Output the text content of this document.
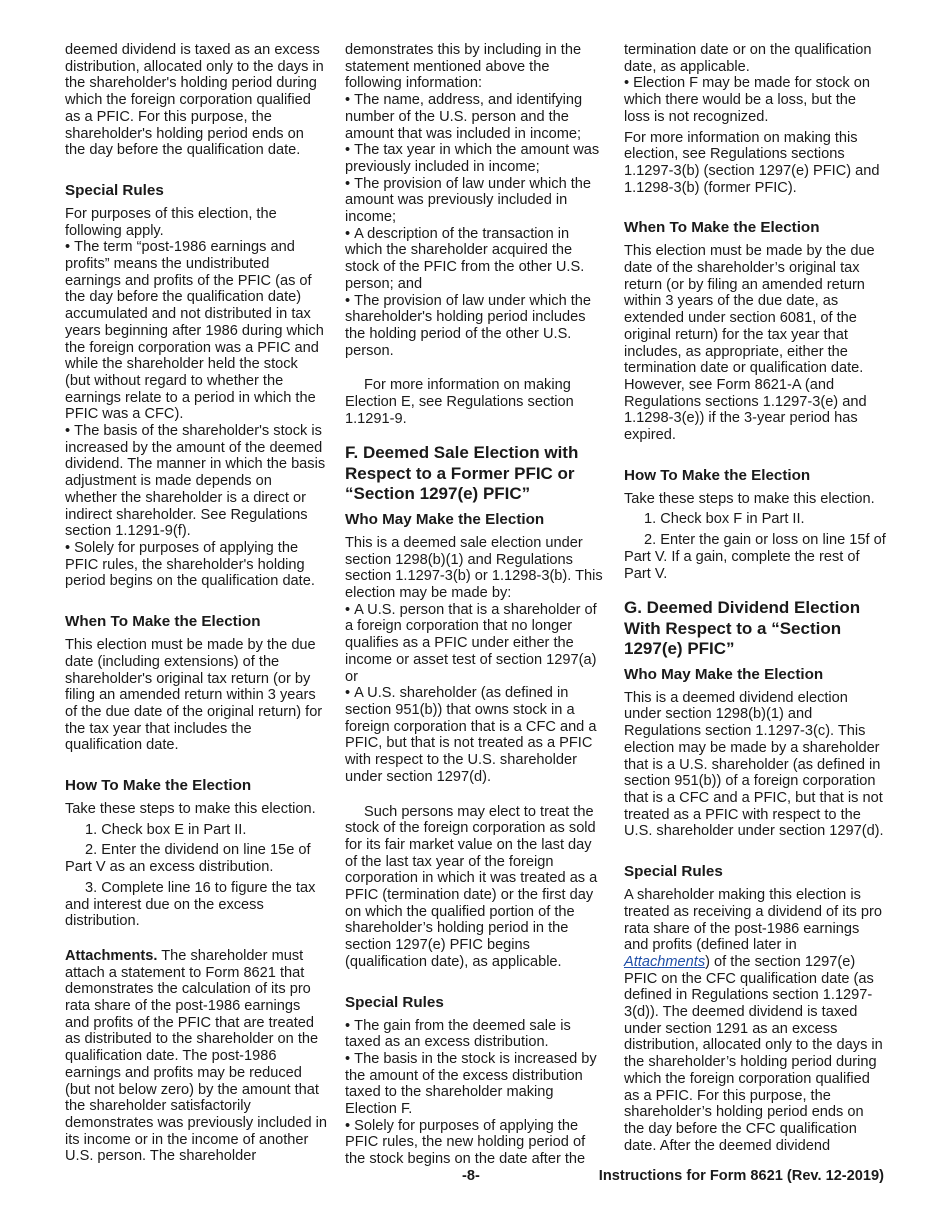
deemed dividend is taxed as an excess distribution, allocated only to the days in the shareholder's holding period during which the foreign corporation qualified as a PFIC. For this purpose, the shareholder's holding period ends on the day before the qualification date.

Special Rules

For purposes of this election, the following apply.

• The term “post-1986 earnings and profits” means the undistributed earnings and profits of the PFIC (as of the day before the qualification date) accumulated and not distributed in tax years beginning after 1986 during which the foreign corporation was a PFIC and while the shareholder held the stock (but without regard to whether the earnings relate to a period in which the PFIC was a CFC).

• The basis of the shareholder's stock is increased by the amount of the deemed dividend. The manner in which the basis adjustment is made depends on whether the shareholder is a direct or indirect shareholder. See Regulations section 1.1291-9(f).

• Solely for purposes of applying the PFIC rules, the shareholder's holding period begins on the qualification date.

When To Make the Election

This election must be made by the due date (including extensions) of the shareholder's original tax return (or by filing an amended return within 3 years of the due date of the original return) for the tax year that includes the qualification date.

How To Make the Election

Take these steps to make this election.

1. Check box E in Part II.

2. Enter the dividend on line 15e of Part V as an excess distribution.

3. Complete line 16 to figure the tax and interest due on the excess distribution.

Attachments. The shareholder must attach a statement to Form 8621 that demonstrates the calculation of its pro rata share of the post-1986 earnings and profits of the PFIC that are treated as distributed to the shareholder on the qualification date. The post-1986 earnings and profits may be reduced (but not below zero) by the amount that the shareholder satisfactorily demonstrates was previously included in its income or in the income of another U.S. person. The shareholder

demonstrates this by including in the statement mentioned above the following information:

• The name, address, and identifying number of the U.S. person and the amount that was included in income;

• The tax year in which the amount was previously included in income;

• The provision of law under which the amount was previously included in income;

• A description of the transaction in which the shareholder acquired the stock of the PFIC from the other U.S. person; and

• The provision of law under which the shareholder's holding period includes the holding period of the other U.S. person.

For more information on making Election E, see Regulations section 1.1291-9.

F. Deemed Sale Election with Respect to a Former PFIC or “Section 1297(e) PFIC”
Who May Make the Election

This is a deemed sale election under section 1298(b)(1) and Regulations section 1.1297-3(b) or 1.1298-3(b). This election may be made by:

• A U.S. person that is a shareholder of a foreign corporation that no longer qualifies as a PFIC under either the income or asset test of section 1297(a) or

• A U.S. shareholder (as defined in section 951(b)) that owns stock in a foreign corporation that is a CFC and a PFIC, but that is not treated as a PFIC with respect to the U.S. shareholder under section 1297(d).

Such persons may elect to treat the stock of the foreign corporation as sold for its fair market value on the last day of the last tax year of the foreign corporation in which it was treated as a PFIC (termination date) or the first day on which the qualified portion of the shareholder’s holding period in the section 1297(e) PFIC begins (qualification date), as applicable.

Special Rules

• The gain from the deemed sale is taxed as an excess distribution.

• The basis in the stock is increased by the amount of the excess distribution taxed to the shareholder making Election F.

• Solely for purposes of applying the PFIC rules, the new holding period of the stock begins on the date after the

termination date or on the qualification date, as applicable.

• Election F may be made for stock on which there would be a loss, but the loss is not recognized.

For more information on making this election, see Regulations sections 1.1297-3(b) (section 1297(e) PFIC) and 1.1298-3(b) (former PFIC).

When To Make the Election

This election must be made by the due date of the shareholder’s original tax return (or by filing an amended return within 3 years of the due date, as extended under section 6081, of the original return) for the tax year that includes, as appropriate, either the termination date or qualification date. However, see Form 8621-A (and Regulations sections 1.1297-3(e) and 1.1298-3(e)) if the 3-year period has expired.

How To Make the Election

Take these steps to make this election.

1. Check box F in Part II.

2. Enter the gain or loss on line 15f of Part V. If a gain, complete the rest of Part V.

G. Deemed Dividend Election With Respect to a “Section 1297(e) PFIC”
Who May Make the Election

This is a deemed dividend election under section 1298(b)(1) and Regulations section 1.1297-3(c). This election may be made by a shareholder that is a U.S. shareholder (as defined in section 951(b)) of a foreign corporation that is a CFC and a PFIC, but that is not treated as a PFIC with respect to the U.S. shareholder under section 1297(d).

Special Rules

A shareholder making this election is treated as receiving a dividend of its pro rata share of the post-1986 earnings and profits (defined later in Attachments) of the section 1297(e) PFIC on the CFC qualification date (as defined in Regulations section 1.1297-3(d)). The deemed dividend is taxed under section 1291 as an excess distribution, allocated only to the days in the shareholder’s holding period during which the foreign corporation qualified as a PFIC. For this purpose, the shareholder’s holding period ends on the day before the CFC qualification date. After the deemed dividend

-8-	Instructions for Form 8621 (Rev. 12-2019)
